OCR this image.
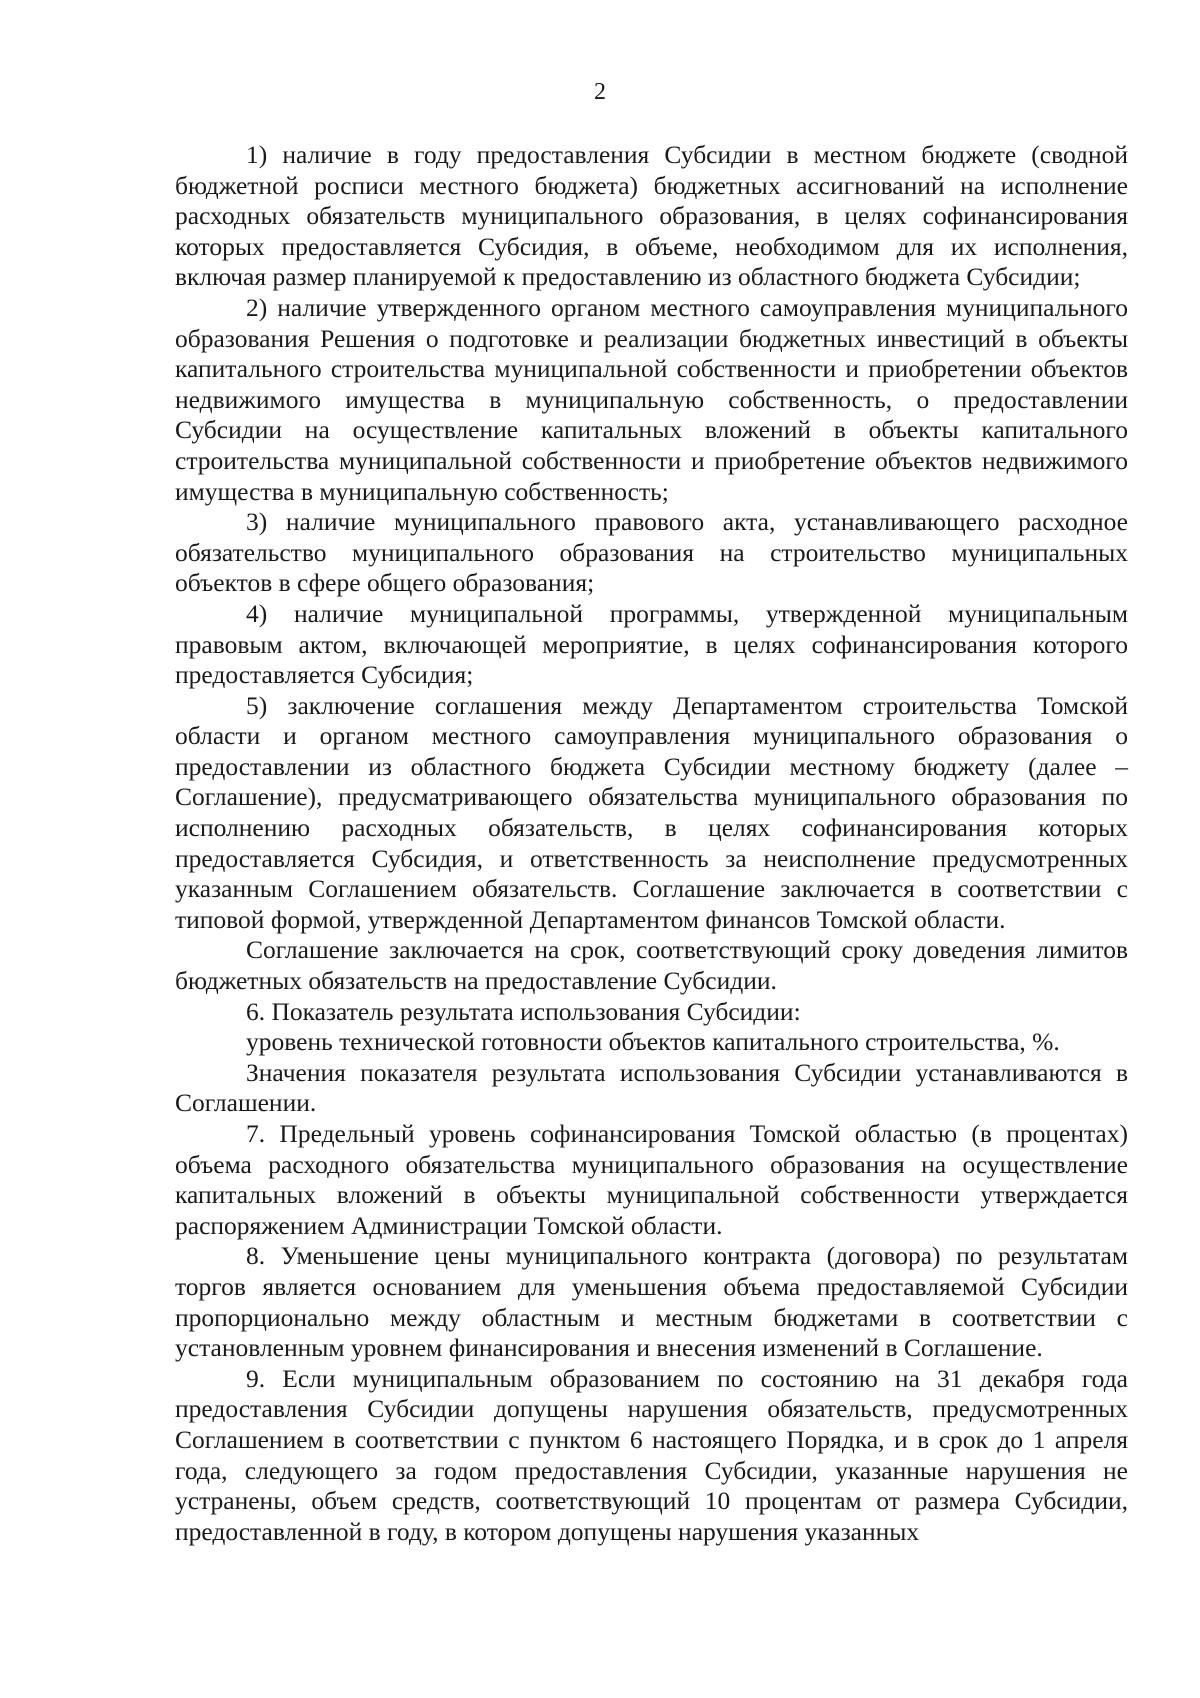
2

1) наличие в году предоставления Субсидии в местном бюджете (сводной бюджетной росписи местного бюджета) бюджетных ассигнований на исполнение расходных обязательств муниципального образования, в целях софинансирования которых предоставляется Субсидия, в объеме, необходимом для их исполнения, включая размер планируемой к предоставлению из областного бюджета Субсидии;

2) наличие утвержденного органом местного самоуправления муниципального образования Решения о подготовке и реализации бюджетных инвестиций в объекты капитального строительства муниципальной собственности и приобретении объектов недвижимого имущества в муниципальную собственность, о предоставлении Субсидии на осуществление капитальных вложений в объекты капитального строительства муниципальной собственности и приобретение объектов недвижимого имущества в муниципальную собственность;

3) наличие муниципального правового акта, устанавливающего расходное обязательство муниципального образования на строительство муниципальных объектов в сфере общего образования;

4) наличие муниципальной программы, утвержденной муниципальным правовым актом, включающей мероприятие, в целях софинансирования которого предоставляется Субсидия;

5) заключение соглашения между Департаментом строительства Томской области и органом местного самоуправления муниципального образования о предоставлении из областного бюджета Субсидии местному бюджету (далее – Соглашение), предусматривающего обязательства муниципального образования по исполнению расходных обязательств, в целях софинансирования которых предоставляется Субсидия, и ответственность за неисполнение предусмотренных указанным Соглашением обязательств. Соглашение заключается в соответствии с типовой формой, утвержденной Департаментом финансов Томской области.

Соглашение заключается на срок, соответствующий сроку доведения лимитов бюджетных обязательств на предоставление Субсидии.

6. Показатель результата использования Субсидии:

уровень технической готовности объектов капитального строительства, %.

Значения показателя результата использования Субсидии устанавливаются в Соглашении.

7. Предельный уровень софинансирования Томской областью (в процентах) объема расходного обязательства муниципального образования на осуществление капитальных вложений в объекты муниципальной собственности утверждается распоряжением Администрации Томской области.

8. Уменьшение цены муниципального контракта (договора) по результатам торгов является основанием для уменьшения объема предоставляемой Субсидии пропорционально между областным и местным бюджетами в соответствии с установленным уровнем финансирования и внесения изменений в Соглашение.

9. Если муниципальным образованием по состоянию на 31 декабря года предоставления Субсидии допущены нарушения обязательств, предусмотренных Соглашением в соответствии с пунктом 6 настоящего Порядка, и в срок до 1 апреля года, следующего за годом предоставления Субсидии, указанные нарушения не устранены, объем средств, соответствующий 10 процентам от размера Субсидии, предоставленной в году, в котором допущены нарушения указанных
